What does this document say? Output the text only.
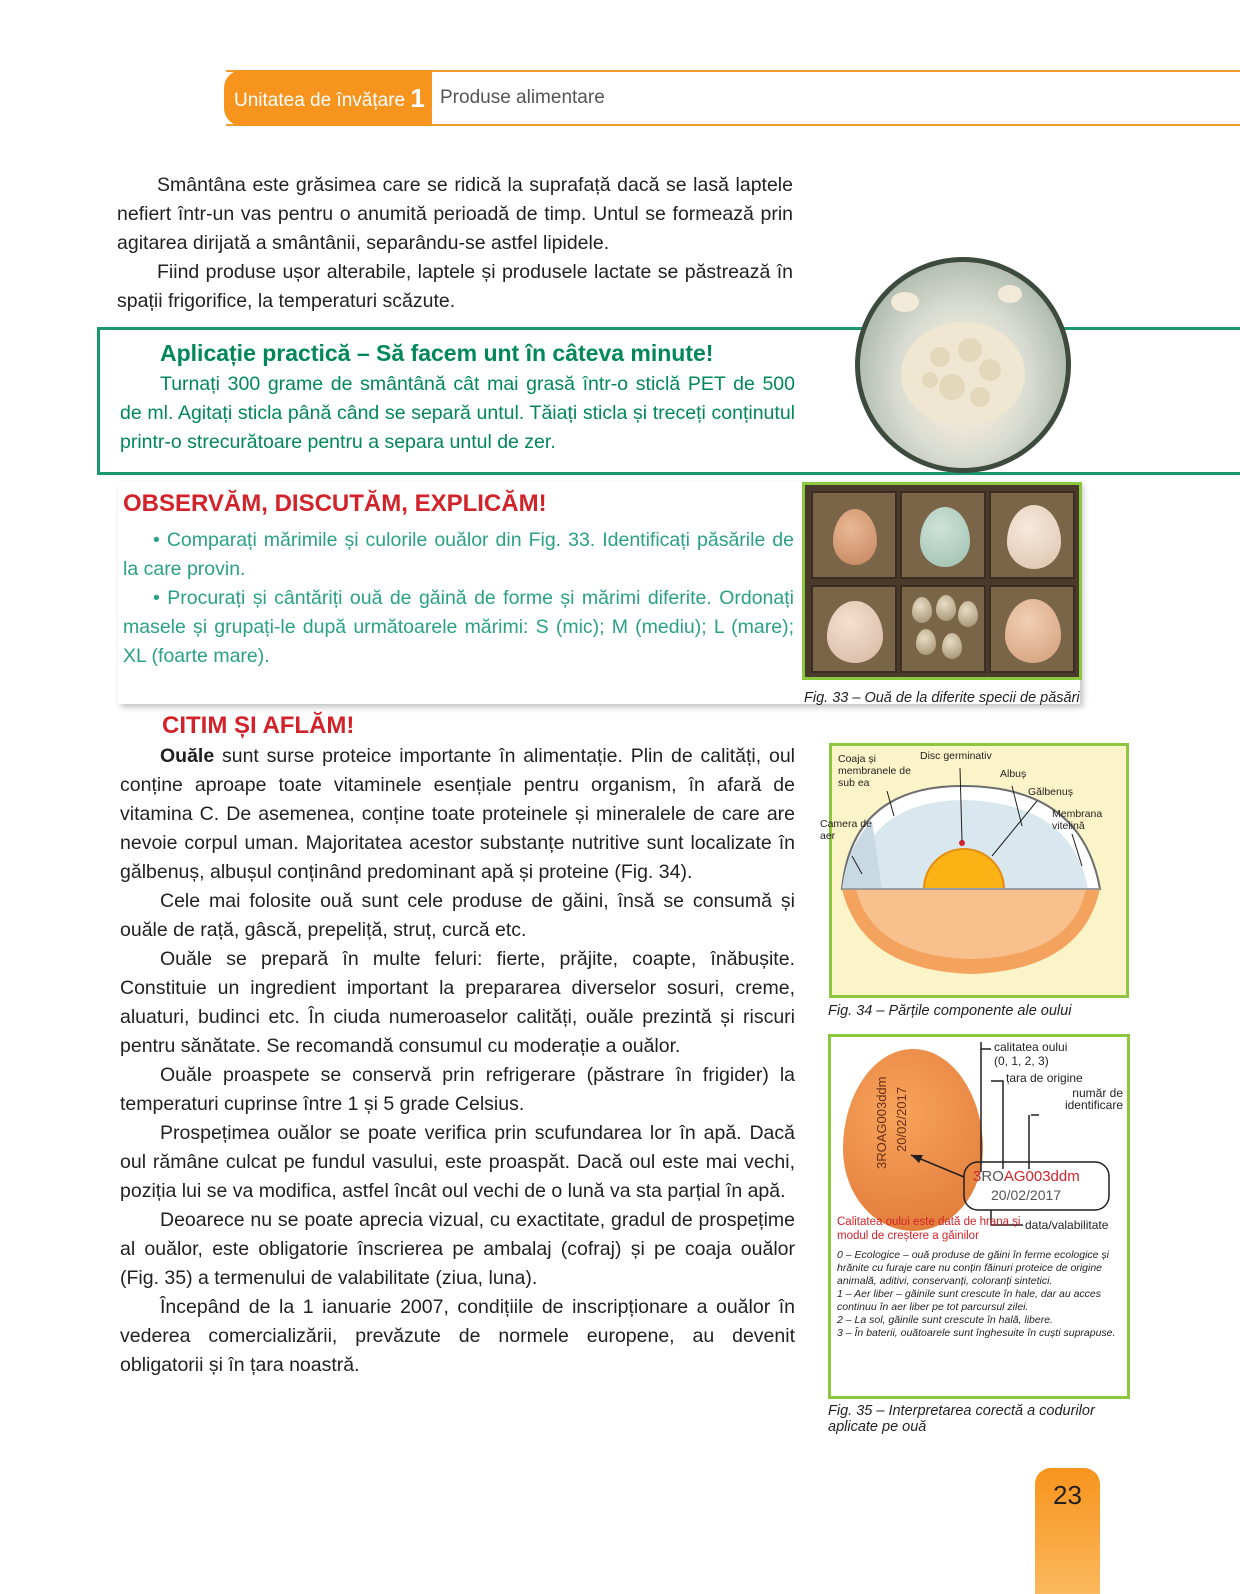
Unitatea de învățare 1 Produse alimentare

Smântâna este grăsimea care se ridică la suprafață dacă se lasă laptele nefiert într-un vas pentru o anumită perioadă de timp. Untul se formează prin agitarea dirijată a smântânii, separându-se astfel lipidele.

Fiind produse ușor alterabile, laptele și produsele lactate se păstrează în spații frigorifice, la temperaturi scăzute.

Aplicație practică – Să facem unt în câteva minute!
Turnați 300 grame de smântână cât mai grasă într-o sticlă PET de 500 de ml. Agitați sticla până când se separă untul. Tăiați sticla și treceți conținutul printr-o strecurătoare pentru a separa untul de zer.
OBSERVĂM, DISCUTĂM, EXPLICĂM!

• Comparați mărimile și culorile ouălor din Fig. 33. Identificați păsările de la care provin.

• Procurați și cântăriți ouă de găină de forme și mărimi diferite. Ordonați masele și grupați-le după următoarele mărimi: S (mic); M (mediu); L (mare); XL (foarte mare).

Fig. 33 – Ouă de la diferite specii de păsări
CITIM ȘI AFLĂM!

Ouăle sunt surse proteice importante în alimentație. Plin de calități, oul conține aproape toate vitaminele esențiale pentru organism, în afară de vitamina C. De asemenea, conține toate proteinele și mineralele de care are nevoie corpul uman. Majoritatea acestor substanțe nutritive sunt localizate în gălbenuș, albușul conținând predominant apă și proteine (Fig. 34).

Cele mai folosite ouă sunt cele produse de găini, însă se consumă și ouăle de rață, gâscă, prepeliță, struț, curcă etc.

Ouăle se prepară în multe feluri: fierte, prăjite, coapte, înăbușite. Constituie un ingredient important la prepararea diverselor sosuri, creme, aluaturi, budinci etc. În ciuda numeroaselor calități, ouăle prezintă și riscuri pentru sănătate. Se recomandă consumul cu moderație a ouălor.

Ouăle proaspete se conservă prin refrigerare (păstrare în frigider) la temperaturi cuprinse între 1 și 5 grade Celsius.

Prospețimea ouălor se poate verifica prin scufundarea lor în apă. Dacă oul rămâne culcat pe fundul vasului, este proaspăt. Dacă oul este mai vechi, poziția lui se va modifica, astfel încât oul vechi de o lună va sta parțial în apă.

Deoarece nu se poate aprecia vizual, cu exactitate, gradul de prospețime al ouălor, este obligatorie înscrierea pe ambalaj (cofraj) și pe coaja ouălor (Fig. 35) a termenului de valabilitate (ziua, luna).

Începând de la 1 ianuarie 2007, condițiile de inscripționare a ouălor în vederea comercializării, prevăzute de normele europene, au devenit obligatorii și în țara noastră.

Coaja și membranele de sub ea
Disc germinativ
Albuș
Gălbenuș
Camera de aer
Membrana vitelină
Fig. 34 – Părțile componente ale oului
3ROAG003ddm 20/02/2017
calitatea oului
(0, 1, 2, 3)
țara de origine
număr de identificare
3ROAG003ddm
20/02/2017
data/valabilitate
Calitatea oului este dată de hrana și modul de creștere a găinilor
0 – Ecologice – ouă produse de găini în ferme ecologice și hrănite cu furaje care nu conțin făinuri proteice de origine animală, aditivi, conservanți, coloranți sintetici.
1 – Aer liber – găinile sunt crescute în hale, dar au acces continuu în aer liber pe tot parcursul zilei.
2 – La sol, găinile sunt crescute în hală, libere.
3 – În baterii, ouătoarele sunt înghesuite în cuști suprapuse.
Fig. 35 – Interpretarea corectă a codurilor aplicate pe ouă
23
